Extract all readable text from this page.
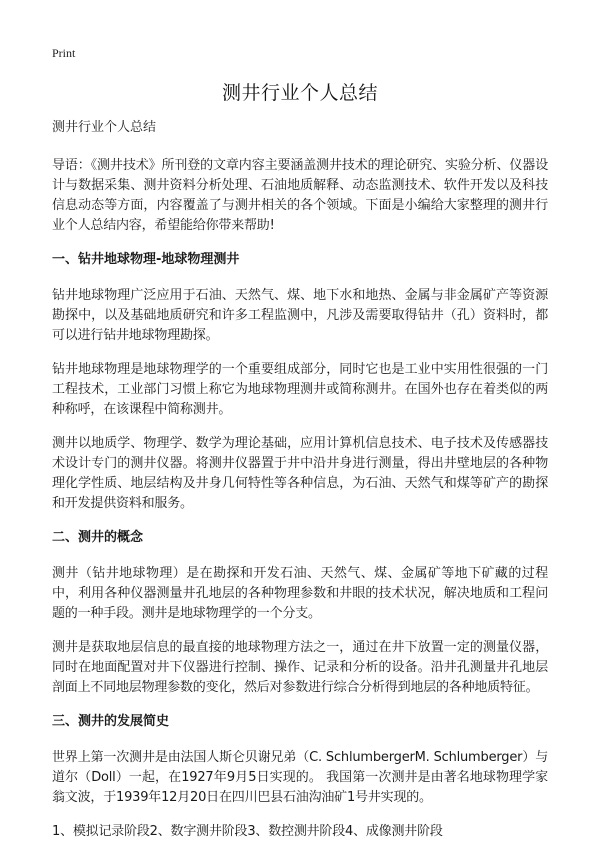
Print
测井行业个人总结

测井行业个人总结

导语：《测井技术》所刊登的文章内容主要涵盖测井技术的理论研究、实验分析、仪器设计与数据采集、测井资料分析处理、石油地质解释、动态监测技术、软件开发以及科技信息动态等方面，内容覆盖了与测井相关的各个领域。下面是小编给大家整理的测井行业个人总结内容，希望能给你带来帮助!

一、钻井地球物理-地球物理测井

钻井地球物理广泛应用于石油、天然气、煤、地下水和地热、金属与非金属矿产等资源勘探中，以及基础地质研究和许多工程监测中，凡涉及需要取得钻井（孔）资料时，都可以进行钻井地球物理勘探。

钻井地球物理是地球物理学的一个重要组成部分，同时它也是工业中实用性很强的一门工程技术，工业部门习惯上称它为地球物理测井或简称测井。在国外也存在着类似的两种称呼，在该课程中简称测井。

测井以地质学、物理学、数学为理论基础，应用计算机信息技术、电子技术及传感器技术设计专门的测井仪器。将测井仪器置于井中沿井身进行测量，得出井壁地层的各种物理化学性质、地层结构及井身几何特性等各种信息，为石油、天然气和煤等矿产的勘探和开发提供资料和服务。

二、测井的概念

测井（钻井地球物理）是在勘探和开发石油、天然气、煤、金属矿等地下矿藏的过程中，利用各种仪器测量井孔地层的各种物理参数和井眼的技术状况，解决地质和工程问题的一种手段。测井是地球物理学的一个分支。

测井是获取地层信息的最直接的地球物理方法之一，通过在井下放置一定的测量仪器，同时在地面配置对井下仪器进行控制、操作、记录和分析的设备。沿井孔测量井孔地层剖面上不同地层物理参数的变化，然后对参数进行综合分析得到地层的各种地质特征。

三、测井的发展简史

世界上第一次测井是由法国人斯仑贝谢兄弟（C. SchlumbergerM. Schlumberger）与道尔（Doll）一起，在1927年9月5日实现的。 我国第一次测井是由著名地球物理学家翁文波，于1939年12月20日在四川巴县石油沟油矿1号井实现的。

1、模拟记录阶段2、数字测井阶段3、数控测井阶段4、成像测井阶段
